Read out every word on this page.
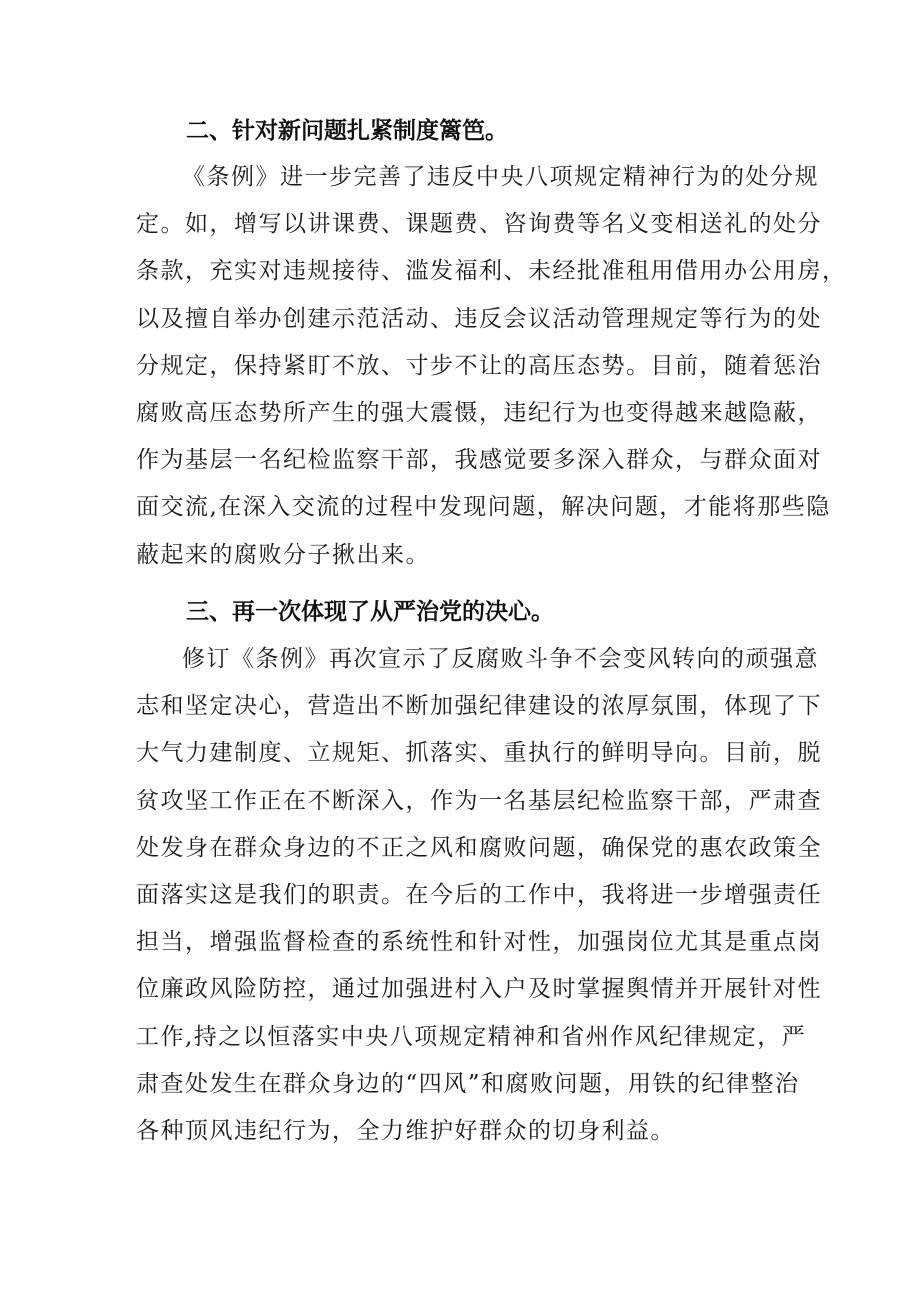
二、针对新问题扎紧制度篱笆。
《条例》进一步完善了违反中央八项规定精神行为的处分规
定。如，增写以讲课费、课题费、咨询费等名义变相送礼的处分
条款，充实对违规接待、滥发福利、未经批准租用借用办公用房，
以及擅自举办创建示范活动、违反会议活动管理规定等行为的处
分规定，保持紧盯不放、寸步不让的高压态势。目前，随着惩治
腐败高压态势所产生的强大震慑，违纪行为也变得越来越隐蔽，
作为基层一名纪检监察干部，我感觉要多深入群众，与群众面对
面交流,在深入交流的过程中发现问题，解决问题，才能将那些隐
蔽起来的腐败分子揪出来。
三、再一次体现了从严治党的决心。
修订《条例》再次宣示了反腐败斗争不会变风转向的顽强意
志和坚定决心，营造出不断加强纪律建设的浓厚氛围，体现了下
大气力建制度、立规矩、抓落实、重执行的鲜明导向。目前，脱
贫攻坚工作正在不断深入，作为一名基层纪检监察干部，严肃查
处发身在群众身边的不正之风和腐败问题，确保党的惠农政策全
面落实这是我们的职责。在今后的工作中，我将进一步增强责任
担当，增强监督检查的系统性和针对性，加强岗位尤其是重点岗
位廉政风险防控，通过加强进村入户及时掌握舆情并开展针对性
工作,持之以恒落实中央八项规定精神和省州作风纪律规定，严
肃查处发生在群众身边的“四风”和腐败问题，用铁的纪律整治
各种顶风违纪行为，全力维护好群众的切身利益。
